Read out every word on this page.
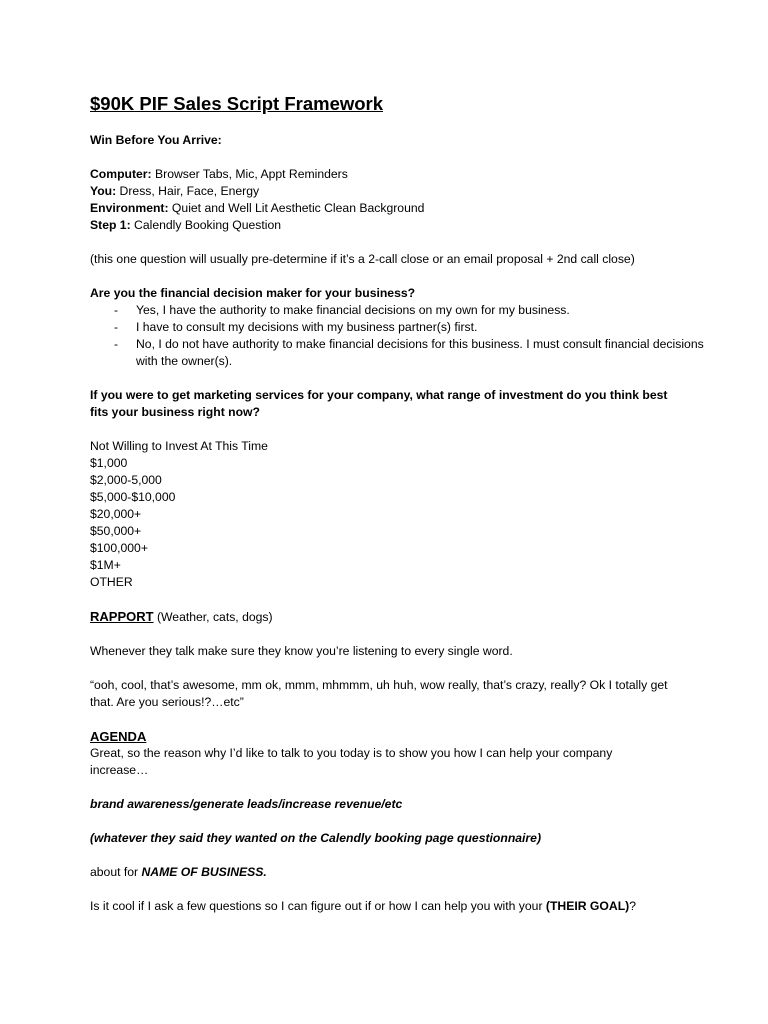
$90K PIF Sales Script Framework

Win Before You Arrive:

Computer: Browser Tabs, Mic, Appt Reminders

You: Dress, Hair, Face, Energy

Environment: Quiet and Well Lit Aesthetic Clean Background

Step 1: Calendly Booking Question

(this one question will usually pre-determine if it’s a 2-call close or an email proposal + 2nd call close)

Are you the financial decision maker for your business?

- Yes, I have the authority to make financial decisions on my own for my business.
- I have to consult my decisions with my business partner(s) first.
- No, I do not have authority to make financial decisions for this business. I must consult financial decisions with the owner(s).

If you were to get marketing services for your company, what range of investment do you think best fits your business right now?

Not Willing to Invest At This Time

$1,000

$2,000-5,000

$5,000-$10,000

$20,000+

$50,000+

$100,000+

$1M+

OTHER

RAPPORT (Weather, cats, dogs)

Whenever they talk make sure they know you’re listening to every single word.

“ooh, cool, that’s awesome, mm ok, mmm, mhmmm, uh huh, wow really, that’s crazy, really? Ok I totally get that. Are you serious!?…etc”

AGENDA

Great, so the reason why I’d like to talk to you today is to show you how I can help your company increase…

brand awareness/generate leads/increase revenue/etc

(whatever they said they wanted on the Calendly booking page questionnaire)

about for NAME OF BUSINESS.

Is it cool if I ask a few questions so I can figure out if or how I can help you with your (THEIR GOAL)?
